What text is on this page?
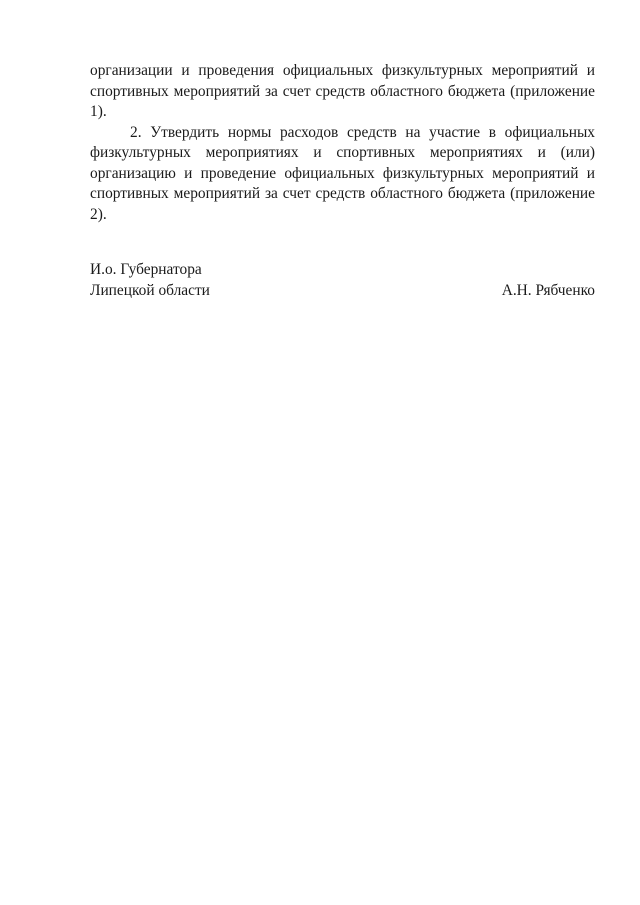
организации и проведения официальных физкультурных мероприятий и спортивных мероприятий за счет средств областного бюджета (приложение 1).

2. Утвердить нормы расходов средств на участие в официальных физкультурных мероприятиях и спортивных мероприятиях и (или) организацию и проведение официальных физкультурных мероприятий и спортивных мероприятий за счет средств областного бюджета (приложение 2).

И.о. Губернатора
Липецкой области	А.Н. Рябченко
